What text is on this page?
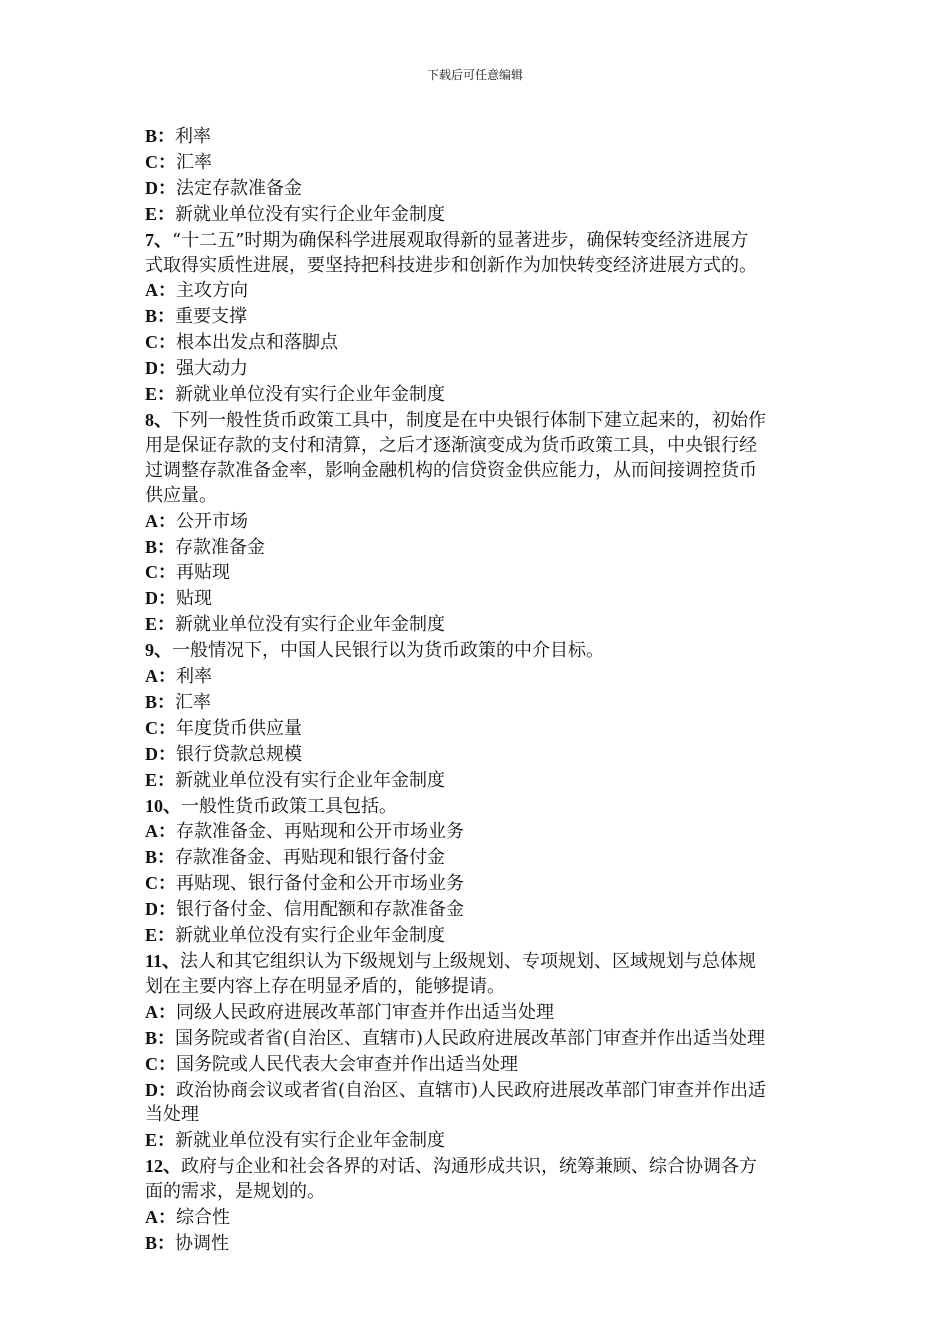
下载后可任意编辑
B：利率
C：汇率
D：法定存款准备金
E：新就业单位没有实行企业年金制度
7、“十二五”时期为确保科学进展观取得新的显著进步，确保转变经济进展方
式取得实质性进展，要坚持把科技进步和创新作为加快转变经济进展方式的。
A：主攻方向
B：重要支撑
C：根本出发点和落脚点
D：强大动力
E：新就业单位没有实行企业年金制度
8、下列一般性货币政策工具中，制度是在中央银行体制下建立起来的，初始作
用是保证存款的支付和清算，之后才逐渐演变成为货币政策工具，中央银行经
过调整存款准备金率，影响金融机构的信贷资金供应能力，从而间接调控货币
供应量。
A：公开市场
B：存款准备金
C：再贴现
D：贴现
E：新就业单位没有实行企业年金制度
9、一般情况下，中国人民银行以为货币政策的中介目标。
A：利率
B：汇率
C：年度货币供应量
D：银行贷款总规模
E：新就业单位没有实行企业年金制度
10、一般性货币政策工具包括。
A：存款准备金、再贴现和公开市场业务
B：存款准备金、再贴现和银行备付金
C：再贴现、银行备付金和公开市场业务
D：银行备付金、信用配额和存款准备金
E：新就业单位没有实行企业年金制度
11、法人和其它组织认为下级规划与上级规划、专项规划、区域规划与总体规
划在主要内容上存在明显矛盾的，能够提请。
A：同级人民政府进展改革部门审查并作出适当处理
B：国务院或者省(自治区、直辖市)人民政府进展改革部门审查并作出适当处理
C：国务院或人民代表大会审查并作出适当处理
D：政治协商会议或者省(自治区、直辖市)人民政府进展改革部门审查并作出适
当处理
E：新就业单位没有实行企业年金制度
12、政府与企业和社会各界的对话、沟通形成共识，统筹兼顾、综合协调各方
面的需求，是规划的。
A：综合性
B：协调性
